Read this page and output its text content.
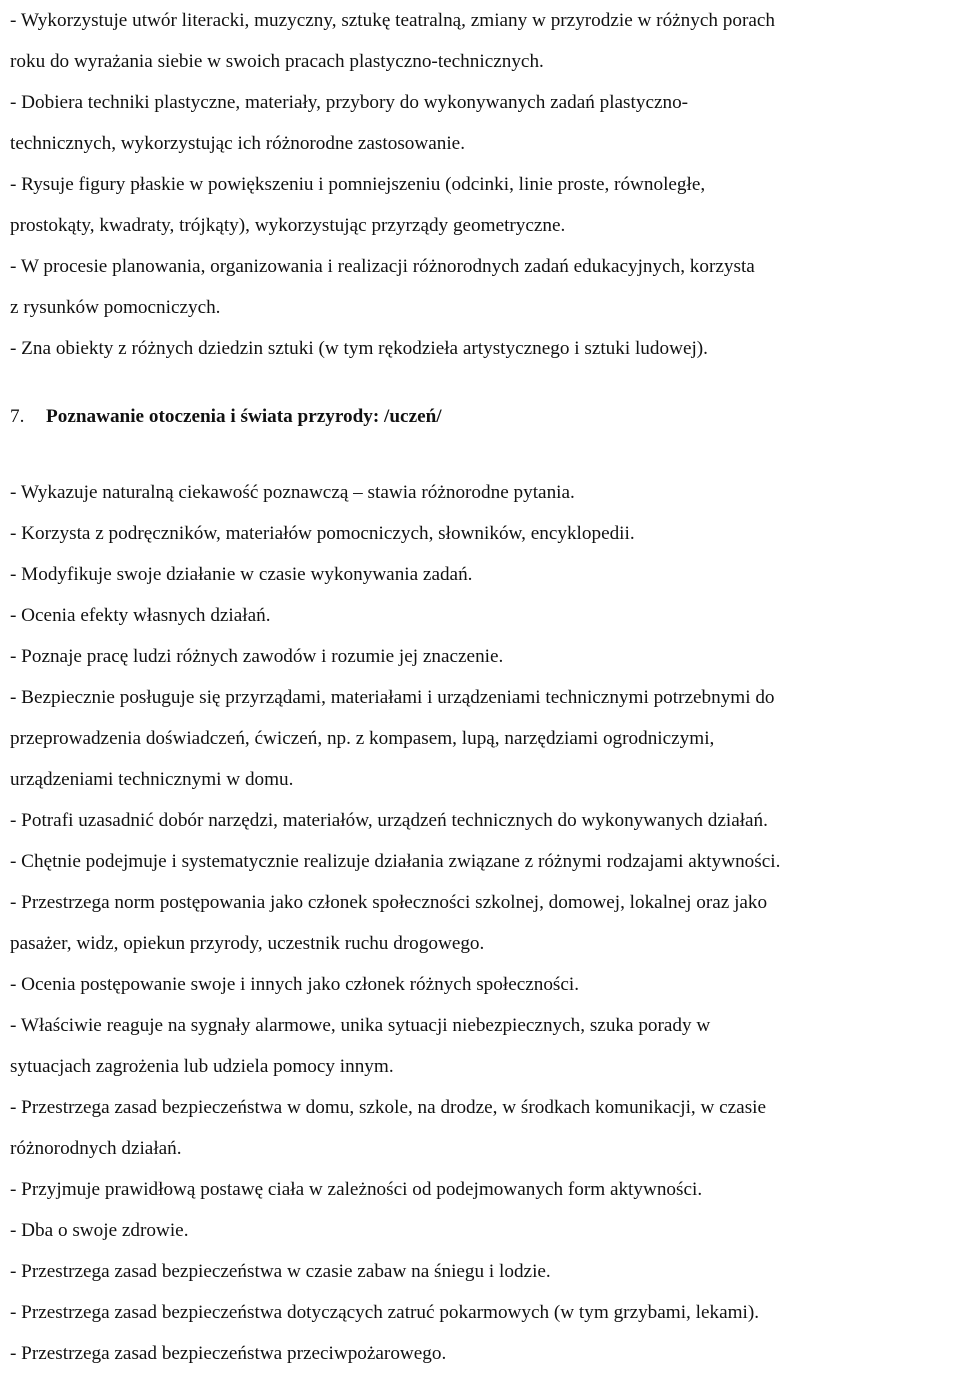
- Wykorzystuje utwór literacki, muzyczny, sztukę teatralną, zmiany w przyrodzie w różnych porach
roku do wyrażania siebie w swoich pracach plastyczno-technicznych.
- Dobiera techniki plastyczne, materiały, przybory do wykonywanych zadań plastyczno-
technicznych, wykorzystując ich różnorodne zastosowanie.
- Rysuje figury płaskie w powiększeniu i pomniejszeniu (odcinki, linie proste, równoległe,
prostokąty, kwadraty, trójkąty), wykorzystując przyrządy geometryczne.
- W procesie planowania, organizowania i realizacji różnorodnych zadań edukacyjnych, korzysta
z rysunków pomocniczych.
- Zna obiekty z różnych dziedzin sztuki (w tym rękodzieła artystycznego i sztuki ludowej).
7. Poznawanie otoczenia i świata przyrody: /uczeń/
- Wykazuje naturalną ciekawość poznawczą – stawia różnorodne pytania.
- Korzysta z podręczników, materiałów pomocniczych, słowników, encyklopedii.
- Modyfikuje swoje działanie w czasie wykonywania zadań.
- Ocenia efekty własnych działań.
- Poznaje pracę ludzi różnych zawodów i rozumie jej znaczenie.
- Bezpiecznie posługuje się przyrządami, materiałami i urządzeniami technicznymi potrzebnymi do
przeprowadzenia doświadczeń, ćwiczeń, np. z kompasem, lupą, narzędziami ogrodniczymi,
urządzeniami technicznymi w domu.
- Potrafi uzasadnić dobór narzędzi, materiałów, urządzeń technicznych do wykonywanych działań.
- Chętnie podejmuje i systematycznie realizuje działania związane z różnymi rodzajami aktywności.
- Przestrzega norm postępowania jako członek społeczności szkolnej, domowej, lokalnej oraz jako
pasażer, widz, opiekun przyrody, uczestnik ruchu drogowego.
- Ocenia postępowanie swoje i innych jako członek różnych społeczności.
- Właściwie reaguje na sygnały alarmowe, unika sytuacji niebezpiecznych, szuka porady w
sytuacjach zagrożenia lub udziela pomocy innym.
- Przestrzega zasad bezpieczeństwa w domu, szkole, na drodze, w środkach komunikacji, w czasie
różnorodnych działań.
- Przyjmuje prawidłową postawę ciała w zależności od podejmowanych form aktywności.
- Dba o swoje zdrowie.
- Przestrzega zasad bezpieczeństwa w czasie zabaw na śniegu i lodzie.
- Przestrzega zasad bezpieczeństwa dotyczących zatruć pokarmowych (w tym grzybami, lekami).
- Przestrzega zasad bezpieczeństwa przeciwpożarowego.
